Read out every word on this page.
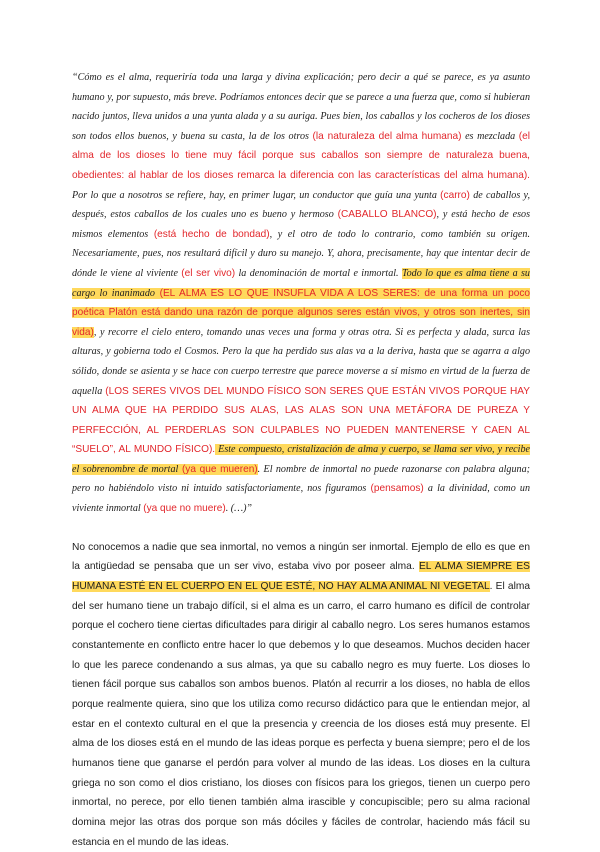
“Cómo es el alma, requeriría toda una larga y divina explicación; pero decir a qué se parece, es ya asunto humano y, por supuesto, más breve. Podríamos entonces decir que se parece a una fuerza que, como si hubieran nacido juntos, lleva unidos a una yunta alada y a su auriga. Pues bien, los caballos y los cocheros de los dioses son todos ellos buenos, y buena su casta, la de los otros (la naturaleza del alma humana) es mezclada (el alma de los dioses lo tiene muy fácil porque sus caballos son siempre de naturaleza buena, obedientes: al hablar de los dioses remarca la diferencia con las características del alma humana). Por lo que a nosotros se refiere, hay, en primer lugar, un conductor que guía una yunta (carro) de caballos y, después, estos caballos de los cuales uno es bueno y hermoso (CABALLO BLANCO), y está hecho de esos mismos elementos (está hecho de bondad), y el otro de todo lo contrario, como también su origen. Necesariamente, pues, nos resultará difícil y duro su manejo. Y, ahora, precisamente, hay que intentar decir de dónde le viene al viviente (el ser vivo) la denominación de mortal e inmortal. Todo lo que es alma tiene a su cargo lo inanimado (EL ALMA ES LO QUE INSUFLA VIDA A LOS SERES: de una forma un poco poética Platón está dando una razón de porque algunos seres están vivos, y otros son inertes, sin vida), y recorre el cielo entero, tomando unas veces una forma y otras otra. Si es perfecta y alada, surca las alturas, y gobierna todo el Cosmos. Pero la que ha perdido sus alas va a la deriva, hasta que se agarra a algo sólido, donde se asienta y se hace con cuerpo terrestre que parece moverse a sí mismo en virtud de la fuerza de aquella (LOS SERES VIVOS DEL MUNDO FÍSICO SON SERES QUE ESTÁN VIVOS PORQUE HAY UN ALMA QUE HA PERDIDO SUS ALAS, LAS ALAS SON UNA METÁFORA DE PUREZA Y PERFECCIÓN, AL PERDERLAS SON CULPABLES NO PUEDEN MANTENERSE Y CAEN AL “SUELO”, AL MUNDO FÍSICO). Este compuesto, cristalización de alma y cuerpo, se llama ser vivo, y recibe el sobrenombre de mortal (ya que mueren). El nombre de inmortal no puede razonarse con palabra alguna; pero no habiéndolo visto ni intuido satisfactoriamente, nos figuramos (pensamos) a la divinidad, como un viviente inmortal (ya que no muere). (…)”

No conocemos a nadie que sea inmortal, no vemos a ningún ser inmortal. Ejemplo de ello es que en la antigüedad se pensaba que un ser vivo, estaba vivo por poseer alma. EL ALMA SIEMPRE ES HUMANA ESTÉ EN EL CUERPO EN EL QUE ESTÉ, NO HAY ALMA ANIMAL NI VEGETAL. El alma del ser humano tiene un trabajo difícil, si el alma es un carro, el carro humano es difícil de controlar porque el cochero tiene ciertas dificultades para dirigir al caballo negro. Los seres humanos estamos constantemente en conflicto entre hacer lo que debemos y lo que deseamos. Muchos deciden hacer lo que les parece condenando a sus almas, ya que su caballo negro es muy fuerte. Los dioses lo tienen fácil porque sus caballos son ambos buenos. Platón al recurrir a los dioses, no habla de ellos porque realmente quiera, sino que los utiliza como recurso didáctico para que le entiendan mejor, al estar en el contexto cultural en el que la presencia y creencia de los dioses está muy presente. El alma de los dioses está en el mundo de las ideas porque es perfecta y buena siempre; pero el de los humanos tiene que ganarse el perdón para volver al mundo de las ideas. Los dioses en la cultura griega no son como el dios cristiano, los dioses con físicos para los griegos, tienen un cuerpo pero inmortal, no perece, por ello tienen también alma irascible y concupiscible; pero su alma racional domina mejor las otras dos porque son más dóciles y fáciles de controlar, haciendo más fácil su estancia en el mundo de las ideas.
